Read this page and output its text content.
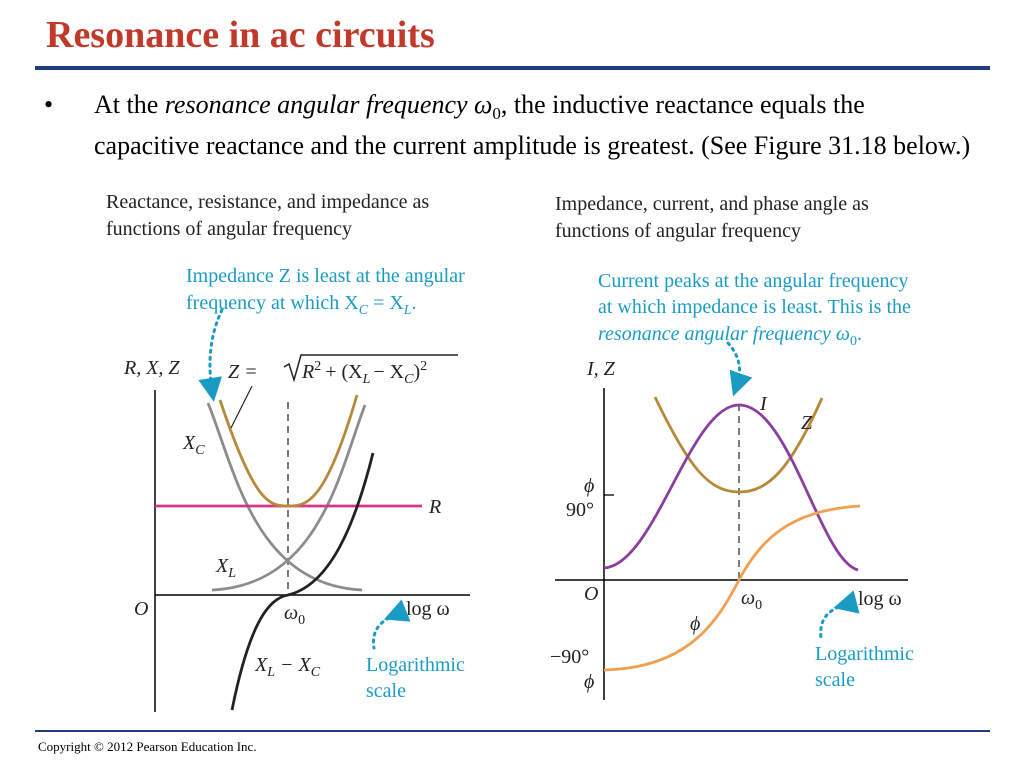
Resonance in ac circuits
• At the resonance angular frequency $\omega_0$, the inductive reactance equals the capacitive reactance and the current amplitude is greatest. (See Figure 31.18 below.)
Reactance, resistance, and impedance as
functions of angular frequency
Impedance, current, and phase angle as
functions of angular frequency
Impedance Z is least at the angular
frequency at which $X_C = X_L$.
$Z = R^2 + (X_L - X_C)^2$
R, X, Z
$X_C$
R
$X_L$
O	$\omega_0$
log ω
$X_L - X_C$ Logarithmic
scale
Current peaks at the angular frequency
at which impedance is least. This is the
resonance angular frequency $\omega_0$.
I, Z
I
Z
ϕ
90°
O	$\omega_0$	log ω
ϕ
−90°
ϕ
Logarithmic
scale
Copyright © 2012 Pearson Education Inc.
